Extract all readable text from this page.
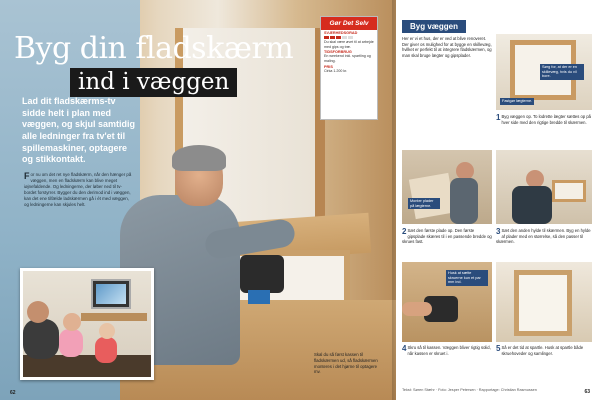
Byg din fladskærm
ind i væggen
Lad dit fladskærms-tv sidde helt i plan med væggen, og skjul samtidig alle ledninger fra tv'et til spillemaskiner, optagere og stikkontakt.
For nu om det ret nye fladskærm, når den hænger på væggen, men en fladskærm kan blive meget iøjnefaldende. Og ledningerne, der løber ned til tv-bordet forstyrrer. Bygger du den derimod ind i væggen, kan det ene tilfælde ladskærmen gå i ét med væggen, og ledningerne kan skjules helt.
Gør Det Selv
SVÆRHEDSGRAD
Du skal være øvet til at arbejde med gips og træ.
TIDSFORBRUG
En weekend inkl. spartling og maling.
PRIS
Cirka 1.200 kr.
Skal du så først kassen til fladskærmen ud, så fladskærmen monteres i det hjørne til optagere mv.
62
Byg væggen
Her er vi et hus, der er ved at blive renoveret. Der giver os mulighed for at bygge en skillevæg, hvilket er perfekt til at integrere fladskærmen, og man skal bruge lægter og gipsplader.
Sørg for, at der er en skillevæg, hvis du vil bore.
Fastgør lægterne.
1 Byg væggen op. To lodrette lægter sættes op på hver side med den rigtige bredde til skærmen.
Monter plader på lægterne.
2 Sæt den første plade op. Den første gipsplade skæres til i en passende bredde og skrues fast.
3 Sæt den anden hylde til skærmen. Byg en hylde af plader med en størrelse, så den passer til skærmen.
Husk at sætte skruerne kun et par mm ind.
4 Skru så til kassen. Væggen bliver rigtig solid, når kassen er skruet i.
5 Så er det tid at spartle. Husk at spartle både skruehoveder og samlinger.
Tekst: Søren Stæhr · Foto: Jesper Petersen · Rapportage: Christian Rasmussen	63
